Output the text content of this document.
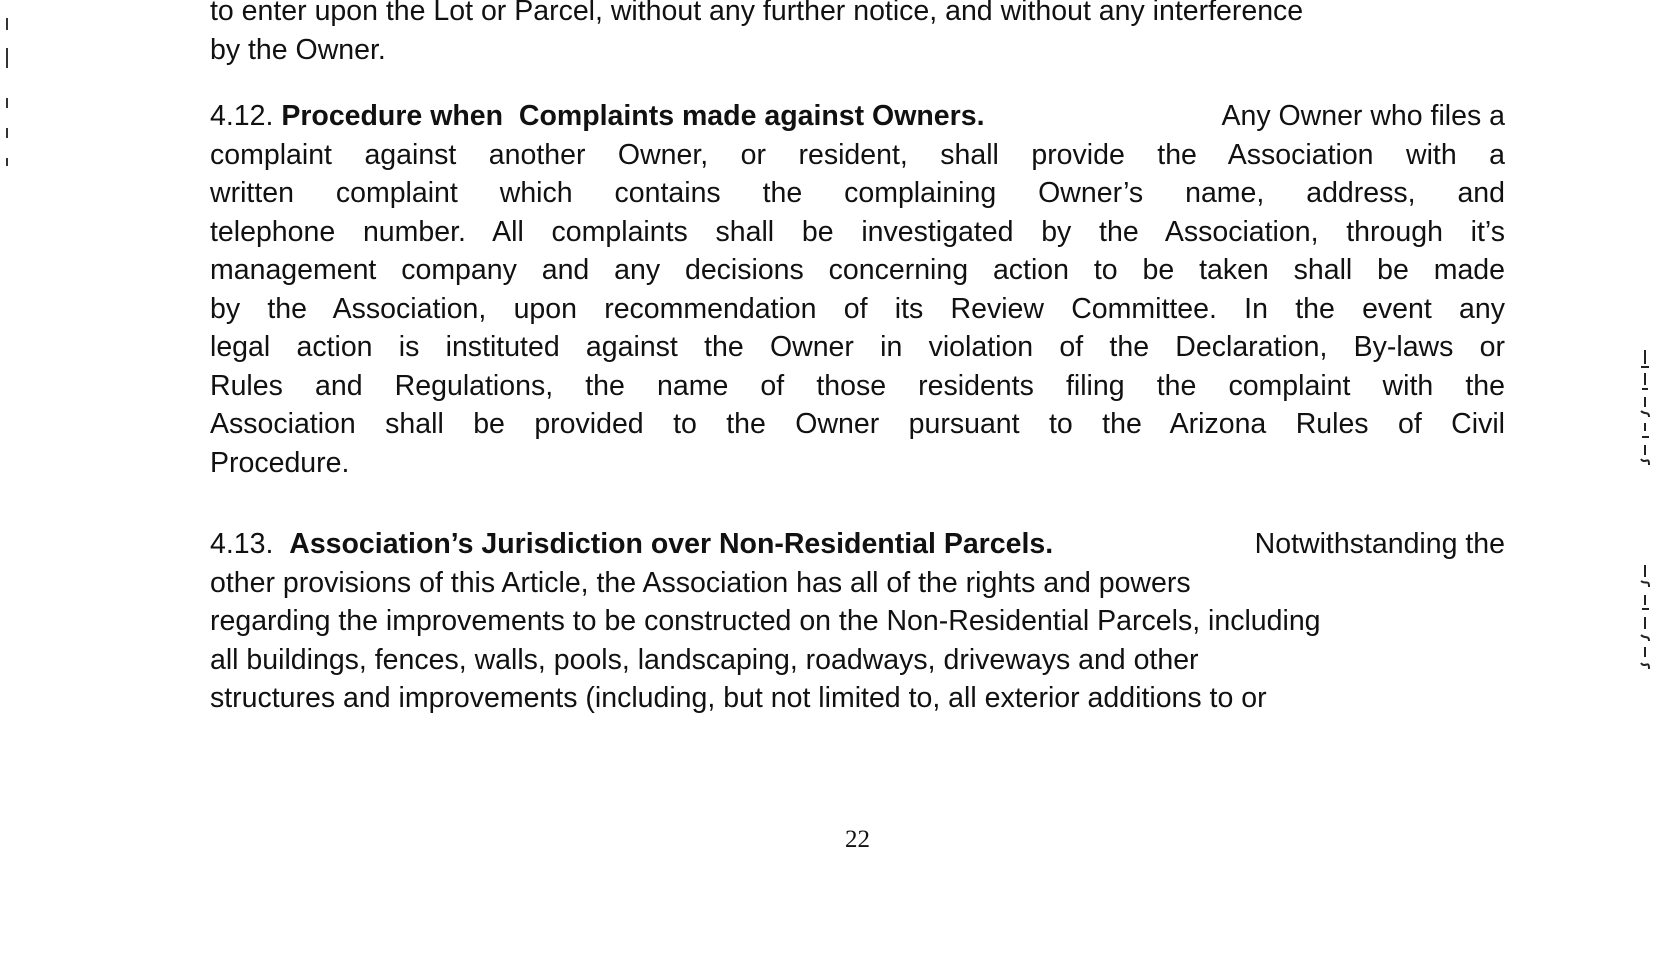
to enter upon the Lot or Parcel, without any further notice, and without any interference
by the Owner.
4.12. Procedure when  Complaints made against Owners.	Any Owner who files a
complaint against another Owner, or resident, shall provide the Association with a
written complaint which contains the complaining Owner’s name, address, and
telephone number. All complaints shall be investigated by the Association, through it’s
management company and any decisions concerning action to be taken shall be made
by the Association, upon recommendation of its Review Committee. In the event any
legal action is instituted against the Owner in violation of the Declaration, By-laws or
Rules and Regulations, the name of those residents filing the complaint with the
Association shall be provided to the Owner pursuant to the Arizona Rules of Civil
Procedure.
4.13. Association’s Jurisdiction over Non-Residential Parcels.	Notwithstanding the
other provisions of this Article, the Association has all of the rights and powers
regarding the improvements to be constructed on the Non-Residential Parcels, including
all buildings, fences, walls, pools, landscaping, roadways, driveways and other
structures and improvements (including, but not limited to, all exterior additions to or
22
